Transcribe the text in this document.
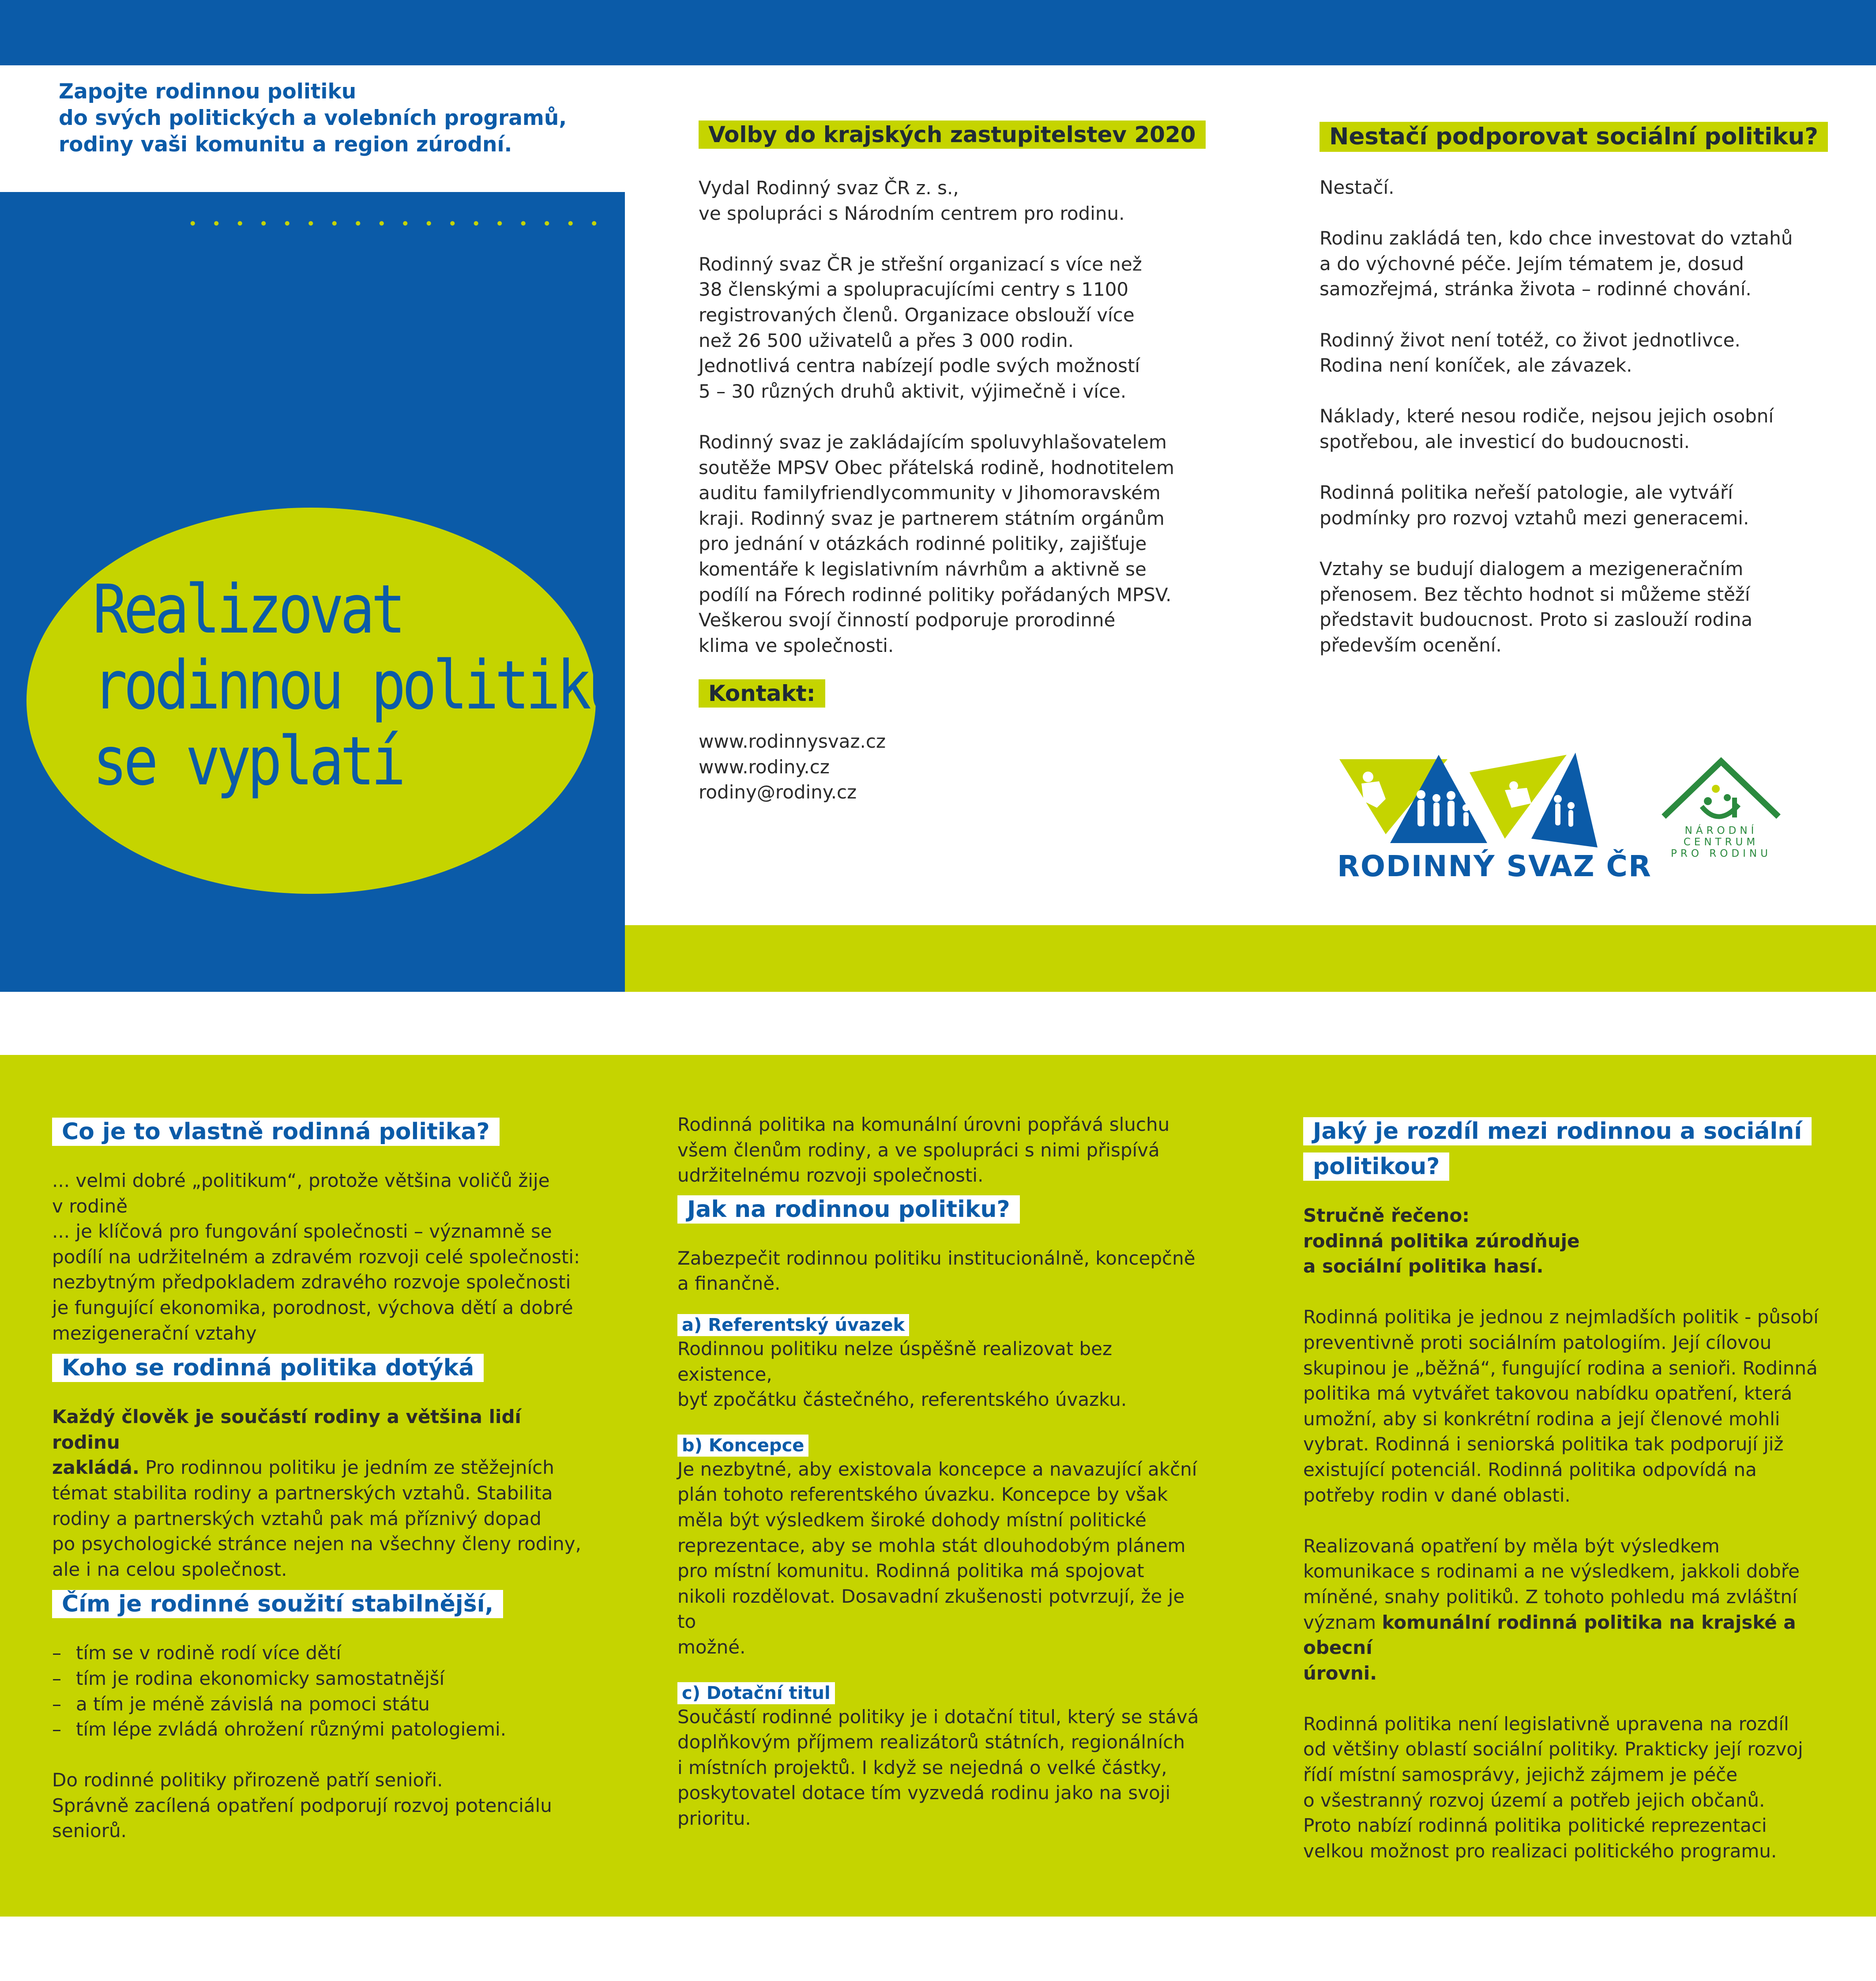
Zapojte rodinnou politiku
do svých politických a volebních programů,
rodiny vaši komunitu a region zúrodní.
Realizovat
rodinnou politiku
se vyplatí
Volby do krajských zastupitelstev 2020
Vydal Rodinný svaz ČR z. s.,
ve spolupráci s Národním centrem pro rodinu.
Rodinný svaz ČR je střešní organizací s více než
38 členskými a spolupracujícími centry s 1100
registrovaných členů. Organizace obslouží více
než 26 500 uživatelů a přes 3 000 rodin.
Jednotlivá centra nabízejí podle svých možností
5 – 30 různých druhů aktivit, výjimečně i více.
Rodinný svaz je zakládajícím spoluvyhlašovatelem
soutěže MPSV Obec přátelská rodině, hodnotitelem
auditu familyfriendlycommunity v Jihomoravském
kraji. Rodinný svaz je partnerem státním orgánům
pro jednání v otázkách rodinné politiky, zajišťuje
komentáře k legislativním návrhům a aktivně se
podílí na Fórech rodinné politiky pořádaných MPSV.
Veškerou svojí činností podporuje prorodinné
klima ve společnosti.
Kontakt:
www.rodinnysvaz.cz
www.rodiny.cz
rodiny@rodiny.cz
Nestačí podporovat sociální politiku?
Nestačí.
Rodinu zakládá ten, kdo chce investovat do vztahů
a do výchovné péče. Jejím tématem je, dosud
samozřejmá, stránka života – rodinné chování.
Rodinný život není totéž, co život jednotlivce.
Rodina není koníček, ale závazek.
Náklady, které nesou rodiče, nejsou jejich osobní
spotřebou, ale investicí do budoucnosti.
Rodinná politika neřeší patologie, ale vytváří
podmínky pro rozvoj vztahů mezi generacemi.
Vztahy se budují dialogem a mezigeneračním
přenosem. Bez těchto hodnot si můžeme stěží
představit budoucnost. Proto si zaslouží rodina
především ocenění.
RODINNÝ SVAZ ČR
NÁRODNÍ
CENTRUM
PRO RODINU
Co je to vlastně rodinná politika?
... velmi dobré „politikum“, protože většina voličů žije
v rodině
... je klíčová pro fungování společnosti – významně se
podílí na udržitelném a zdravém rozvoji celé společnosti:
nezbytným předpokladem zdravého rozvoje společnosti
je fungující ekonomika, porodnost, výchova dětí a dobré
mezigenerační vztahy
Koho se rodinná politika dotýká
Každý člověk je součástí rodiny a většina lidí rodinu
zakládá. Pro rodinnou politiku je jedním ze stěžejních
témat stabilita rodiny a partnerských vztahů. Stabilita
rodiny a partnerských vztahů pak má příznivý dopad
po psychologické stránce nejen na všechny členy rodiny,
ale i na celou společnost.
Čím je rodinné soužití stabilnější,
– tím se v rodině rodí více dětí
– tím je rodina ekonomicky samostatnější
– a tím je méně závislá na pomoci státu
– tím lépe zvládá ohrožení různými patologiemi.
Do rodinné politiky přirozeně patří senioři.
Správně zacílená opatření podporují rozvoj potenciálu
seniorů.
Rodinná politika na komunální úrovni popřává sluchu
všem členům rodiny, a ve spolupráci s nimi přispívá
udržitelnému rozvoji společnosti.
Jak na rodinnou politiku?
Zabezpečit rodinnou politiku institucionálně, koncepčně
a finančně.
a) Referentský úvazek
Rodinnou politiku nelze úspěšně realizovat bez existence,
byť zpočátku částečného, referentského úvazku.
b) Koncepce
Je nezbytné, aby existovala koncepce a navazující akční
plán tohoto referentského úvazku. Koncepce by však
měla být výsledkem široké dohody místní politické
reprezentace, aby se mohla stát dlouhodobým plánem
pro místní komunitu. Rodinná politika má spojovat
nikoli rozdělovat. Dosavadní zkušenosti potvrzují, že je to
možné.
c) Dotační titul
Součástí rodinné politiky je i dotační titul, který se stává
doplňkovým příjmem realizátorů státních, regionálních
i místních projektů. I když se nejedná o velké částky,
poskytovatel dotace tím vyzvedá rodinu jako na svoji
prioritu.
Jaký je rozdíl mezi rodinnou a sociální
politikou?
Stručně řečeno:
rodinná politika zúrodňuje
a sociální politika hasí.
Rodinná politika je jednou z nejmladších politik - působí
preventivně proti sociálním patologiím. Její cílovou
skupinou je „běžná“, fungující rodina a senioři. Rodinná
politika má vytvářet takovou nabídku opatření, která
umožní, aby si konkrétní rodina a její členové mohli
vybrat. Rodinná i seniorská politika tak podporují již
existující potenciál. Rodinná politika odpovídá na
potřeby rodin v dané oblasti.
Realizovaná opatření by měla být výsledkem
komunikace s rodinami a ne výsledkem, jakkoli dobře
míněné, snahy politiků. Z tohoto pohledu má zvláštní
význam komunální rodinná politika na krajské a obecní
úrovni.
Rodinná politika není legislativně upravena na rozdíl
od většiny oblastí sociální politiky. Prakticky její rozvoj
řídí místní samosprávy, jejichž zájmem je péče
o všestranný rozvoj území a potřeb jejich občanů.
Proto nabízí rodinná politika politické reprezentaci
velkou možnost pro realizaci politického programu.
